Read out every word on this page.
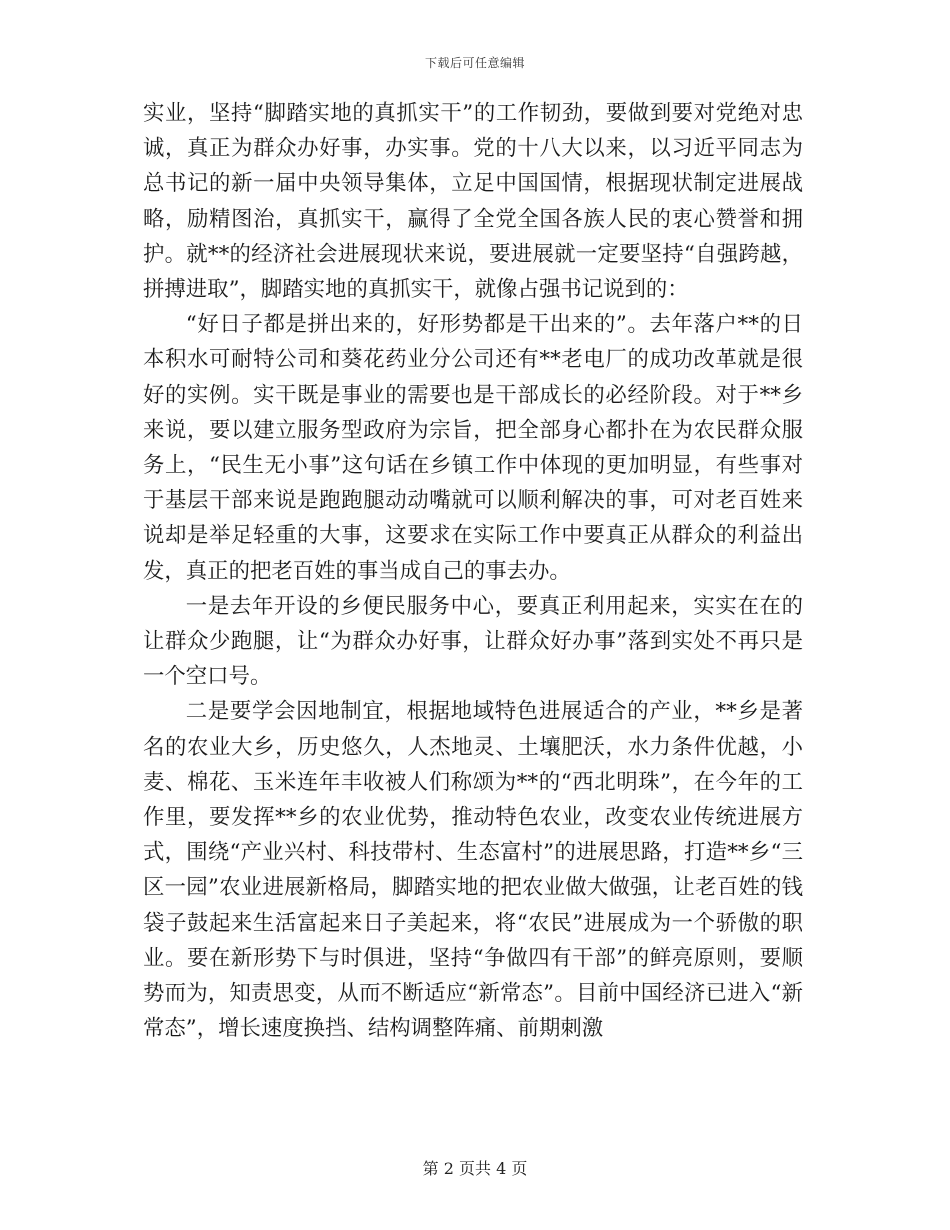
下载后可任意编辑

实业，坚持“脚踏实地的真抓实干”的工作韧劲，要做到要对党绝对忠诚，真正为群众办好事，办实事。党的十八大以来，以习近平同志为总书记的新一届中央领导集体，立足中国国情，根据现状制定进展战略，励精图治，真抓实干，赢得了全党全国各族人民的衷心赞誉和拥护。就**的经济社会进展现状来说，要进展就一定要坚持“自强跨越，拼搏进取”，脚踏实地的真抓实干，就像占强书记说到的：

“好日子都是拼出来的，好形势都是干出来的”。去年落户**的日本积水可耐特公司和葵花药业分公司还有**老电厂的成功改革就是很好的实例。实干既是事业的需要也是干部成长的必经阶段。对于**乡来说，要以建立服务型政府为宗旨，把全部身心都扑在为农民群众服务上，“民生无小事”这句话在乡镇工作中体现的更加明显，有些事对于基层干部来说是跑跑腿动动嘴就可以顺利解决的事，可对老百姓来说却是举足轻重的大事，这要求在实际工作中要真正从群众的利益出发，真正的把老百姓的事当成自己的事去办。

一是去年开设的乡便民服务中心，要真正利用起来，实实在在的让群众少跑腿，让“为群众办好事，让群众好办事”落到实处不再只是一个空口号。

二是要学会因地制宜，根据地域特色进展适合的产业，**乡是著名的农业大乡，历史悠久，人杰地灵、土壤肥沃，水力条件优越，小麦、棉花、玉米连年丰收被人们称颂为**的“西北明珠”，在今年的工作里，要发挥**乡的农业优势，推动特色农业，改变农业传统进展方式，围绕“产业兴村、科技带村、生态富村”的进展思路，打造**乡“三区一园”农业进展新格局，脚踏实地的把农业做大做强，让老百姓的钱袋子鼓起来生活富起来日子美起来，将“农民”进展成为一个骄傲的职业。要在新形势下与时俱进，坚持“争做四有干部”的鲜亮原则，要顺势而为，知责思变，从而不断适应“新常态”。目前中国经济已进入“新常态”，增长速度换挡、结构调整阵痛、前期刺激

第 2 页共 4 页
